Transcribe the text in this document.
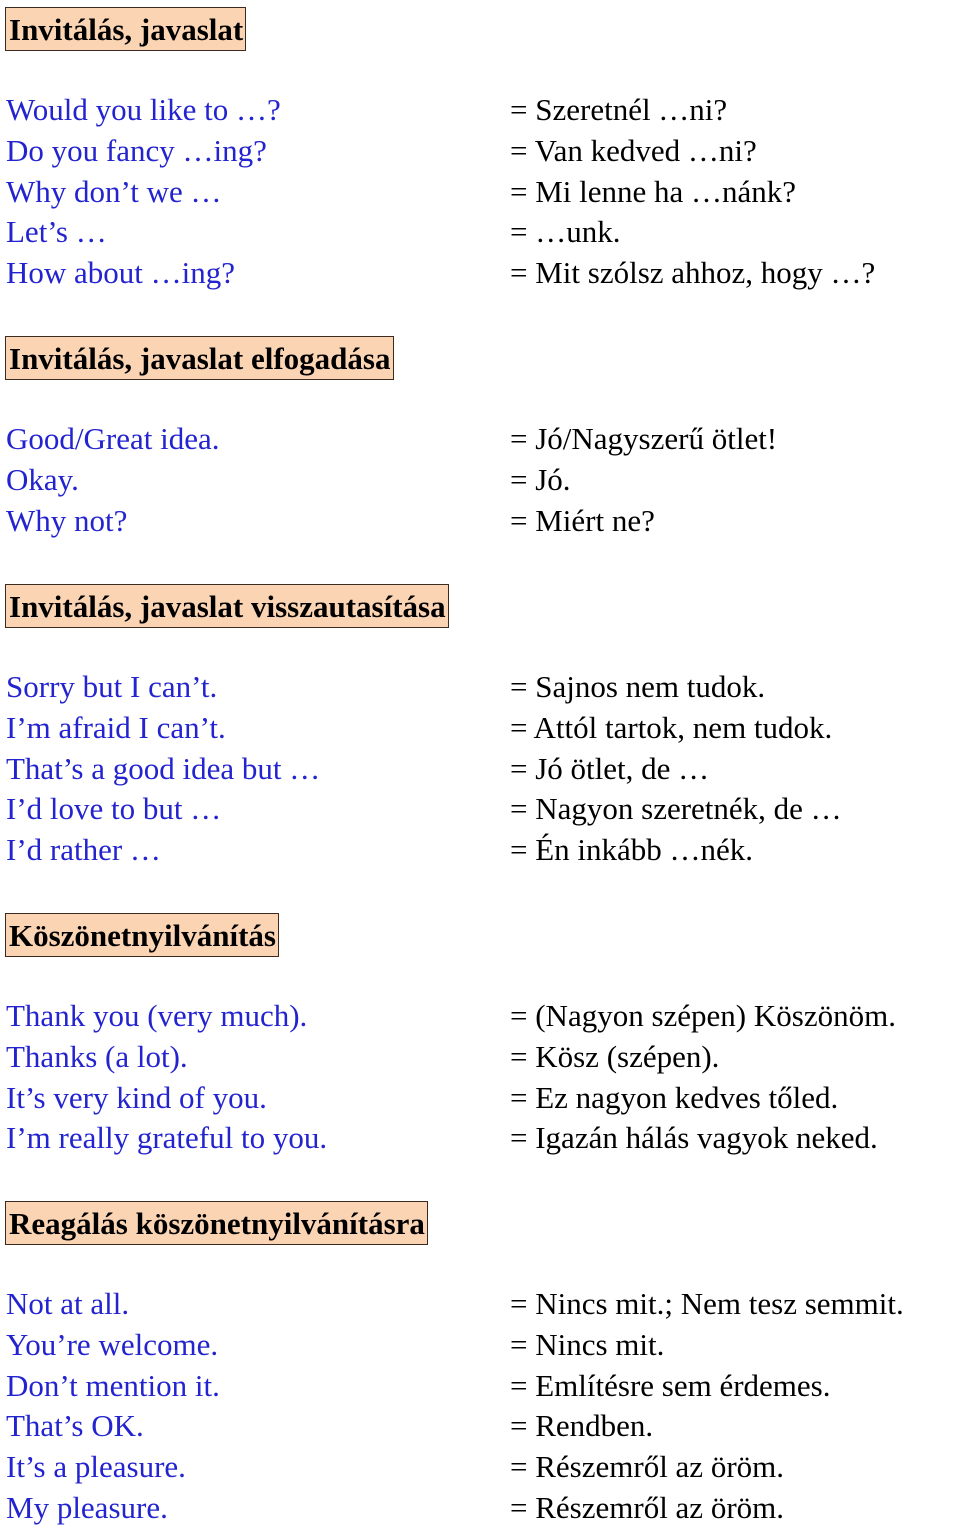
Invitálás, javaslat
Would you like to …?	= Szeretnél …ni?
Do you fancy …ing?	= Van kedved …ni?
Why don’t we …	= Mi lenne ha …nánk?
Let’s …	= …unk.
How about …ing?	= Mit szólsz ahhoz, hogy …?
Invitálás, javaslat elfogadása
Good/Great idea.	= Jó/Nagyszerű ötlet!
Okay.	= Jó.
Why not?	= Miért ne?
Invitálás, javaslat visszautasítása
Sorry but I can’t.	= Sajnos nem tudok.
I’m afraid I can’t.	= Attól tartok, nem tudok.
That’s a good idea but …	= Jó ötlet, de …
I’d love to but …	= Nagyon szeretnék, de …
I’d rather …	= Én inkább …nék.
Köszönetnyilvánítás
Thank you (very much).	= (Nagyon szépen) Köszönöm.
Thanks (a lot).	= Kösz (szépen).
It’s very kind of you.	= Ez nagyon kedves tőled.
I’m really grateful to you.	= Igazán hálás vagyok neked.
Reagálás köszönetnyilvánításra
Not at all.	= Nincs mit.; Nem tesz semmit.
You’re welcome.	= Nincs mit.
Don’t mention it.	= Említésre sem érdemes.
That’s OK.	= Rendben.
It’s a pleasure.	= Részemről az öröm.
My pleasure.	= Részemről az öröm.
